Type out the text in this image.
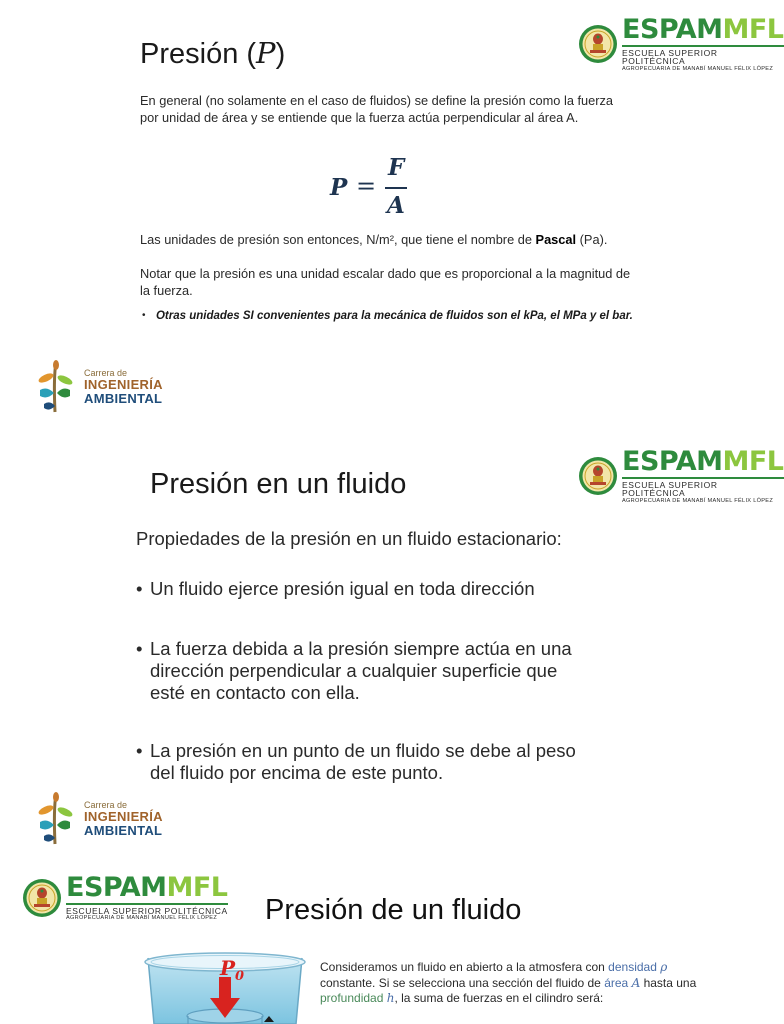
ESPAMMFL
ESCUELA SUPERIOR POLITÉCNICA
AGROPECUARIA DE MANABÍ MANUEL FÉLIX LÓPEZ
Presión (P)
En general (no solamente en el caso de fluidos) se define la presión como la fuerza
por unidad de área y se entiende que la fuerza actúa perpendicular al área A.
P =
F
A
Las unidades de presión son entonces, N/m², que tiene el nombre de Pascal (Pa).
Notar que la presión es una unidad escalar dado que es proporcional a la magnitud de
la fuerza.
• Otras unidades SI convenientes para la mecánica de fluidos son el kPa, el MPa y el bar.
Carrera de
INGENIERÍA
AMBIENTAL
ESPAMMFL
ESCUELA SUPERIOR POLITÉCNICA
AGROPECUARIA DE MANABÍ MANUEL FÉLIX LÓPEZ
Presión en un fluido
Propiedades de la presión en un fluido estacionario:
• Un fluido ejerce presión igual en toda dirección
• La fuerza debida a la presión siempre actúa en una
dirección perpendicular a cualquier superficie que
esté en contacto con ella.
• La presión en un punto de un fluido se debe al peso
del fluido por encima de este punto.
Carrera de
INGENIERÍA
AMBIENTAL
ESPAMMFL
ESCUELA SUPERIOR POLITÉCNICA
AGROPECUARIA DE MANABÍ MANUEL FÉLIX LÓPEZ	Presión de un fluido
$P_0$
Consideramos un fluido en abierto a la atmosfera con densidad ρ
constante. Si se selecciona una sección del fluido de área A hasta una
profundidad h, la suma de fuerzas en el cilindro será:
